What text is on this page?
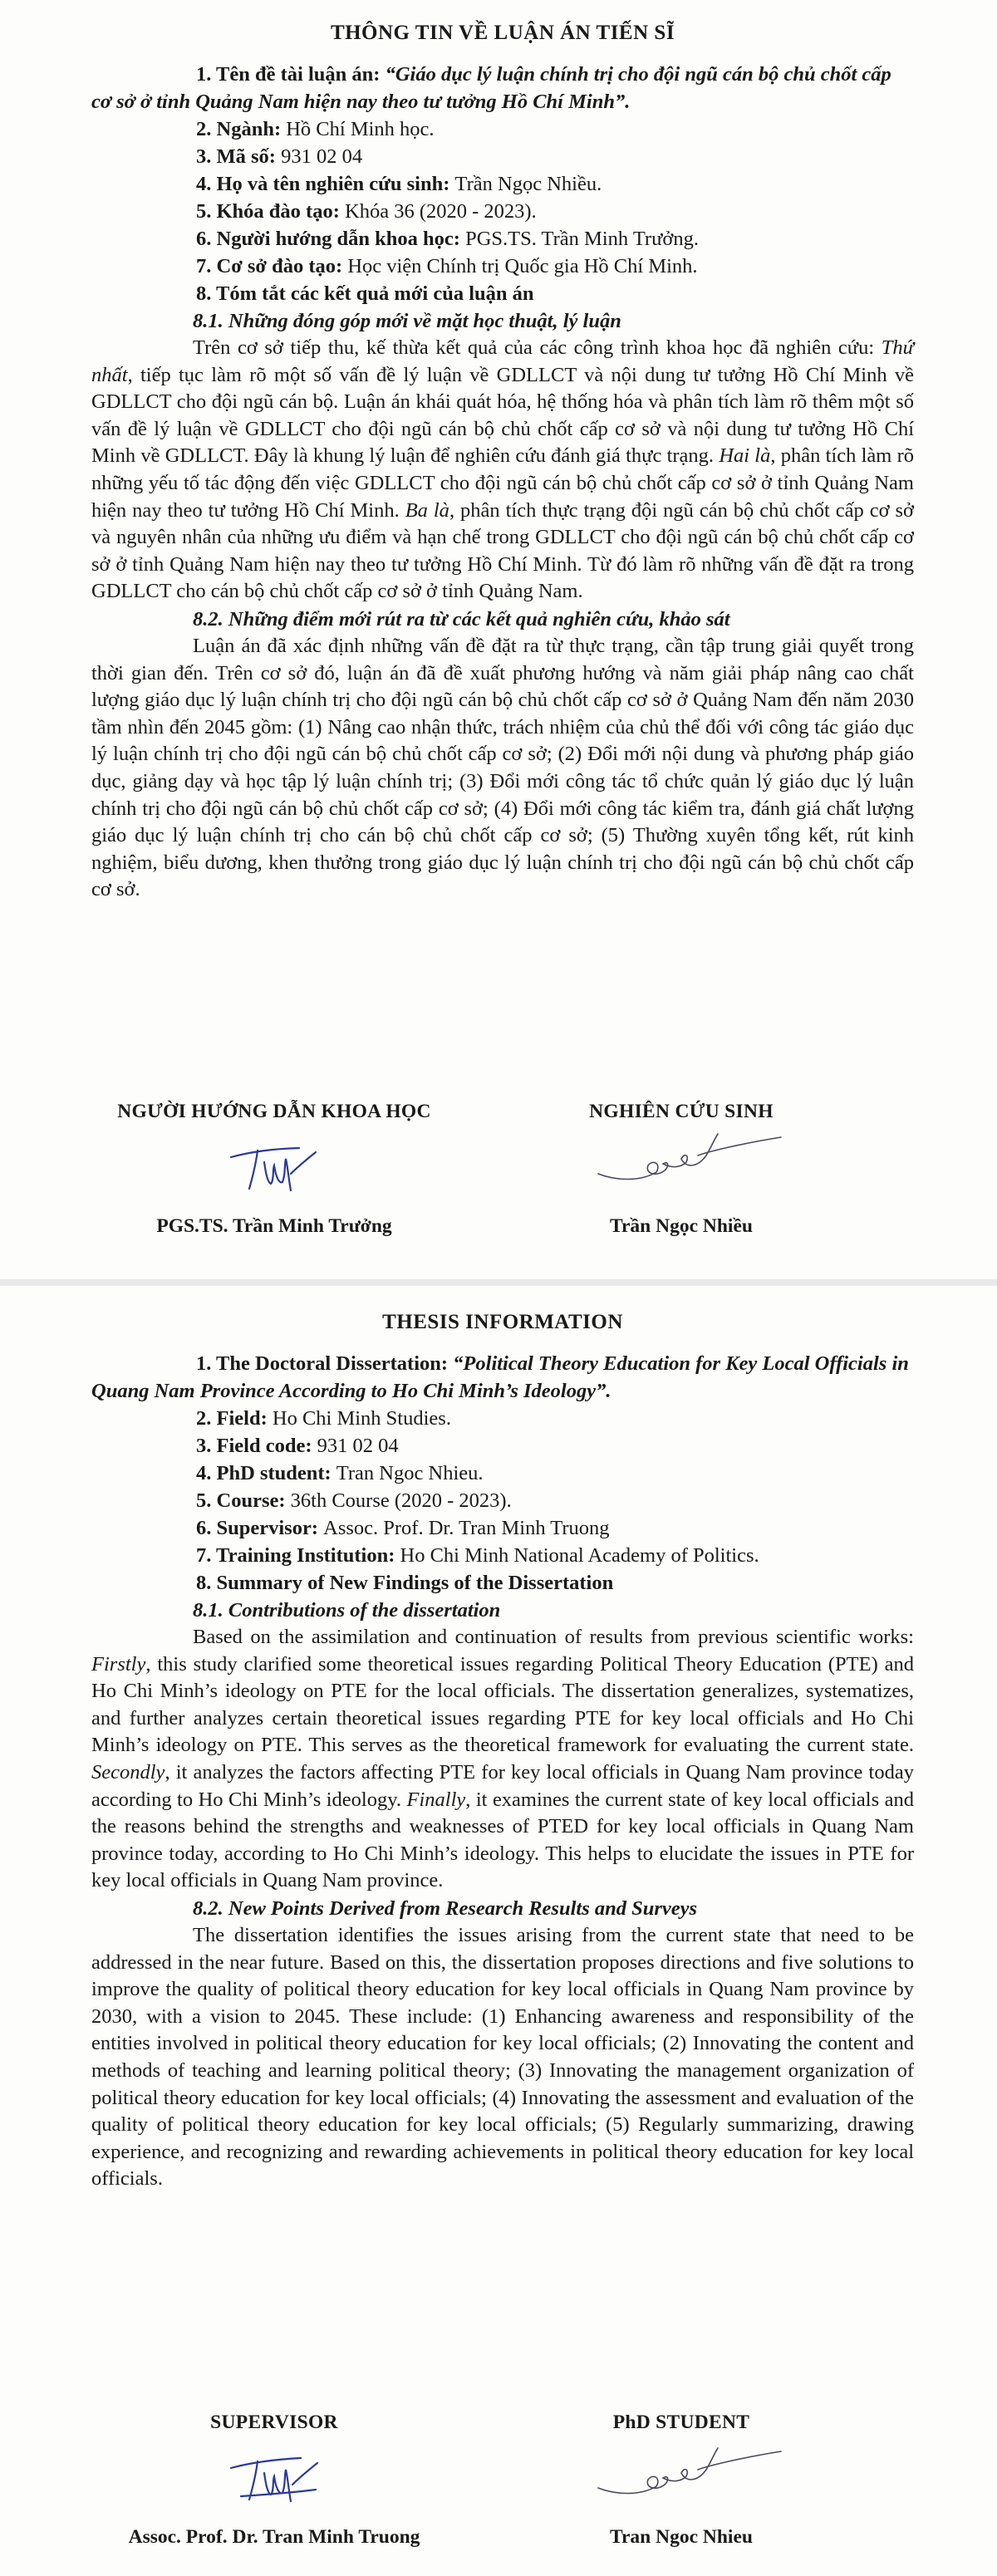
THÔNG TIN VỀ LUẬN ÁN TIẾN SĨ

1. Tên đề tài luận án: “Giáo dục lý luận chính trị cho đội ngũ cán bộ chủ chốt cấp cơ sở ở tỉnh Quảng Nam hiện nay theo tư tưởng Hồ Chí Minh”.

2. Ngành: Hồ Chí Minh học.

3. Mã số: 931 02 04

4. Họ và tên nghiên cứu sinh: Trần Ngọc Nhiều.

5. Khóa đào tạo: Khóa 36 (2020 - 2023).

6. Người hướng dẫn khoa học: PGS.TS. Trần Minh Trưởng.

7. Cơ sở đào tạo: Học viện Chính trị Quốc gia Hồ Chí Minh.

8. Tóm tắt các kết quả mới của luận án

8.1. Những đóng góp mới về mặt học thuật, lý luận

Trên cơ sở tiếp thu, kế thừa kết quả của các công trình khoa học đã nghiên cứu: Thứ nhất, tiếp tục làm rõ một số vấn đề lý luận về GDLLCT và nội dung tư tưởng Hồ Chí Minh về GDLLCT cho đội ngũ cán bộ. Luận án khái quát hóa, hệ thống hóa và phân tích làm rõ thêm một số vấn đề lý luận về GDLLCT cho đội ngũ cán bộ chủ chốt cấp cơ sở và nội dung tư tưởng Hồ Chí Minh về GDLLCT. Đây là khung lý luận để nghiên cứu đánh giá thực trạng. Hai là, phân tích làm rõ những yếu tố tác động đến việc GDLLCT cho đội ngũ cán bộ chủ chốt cấp cơ sở ở tỉnh Quảng Nam hiện nay theo tư tưởng Hồ Chí Minh. Ba là, phân tích thực trạng đội ngũ cán bộ chủ chốt cấp cơ sở và nguyên nhân của những ưu điểm và hạn chế trong GDLLCT cho đội ngũ cán bộ chủ chốt cấp cơ sở ở tỉnh Quảng Nam hiện nay theo tư tưởng Hồ Chí Minh. Từ đó làm rõ những vấn đề đặt ra trong GDLLCT cho cán bộ chủ chốt cấp cơ sở ở tỉnh Quảng Nam.

8.2. Những điểm mới rút ra từ các kết quả nghiên cứu, khảo sát

Luận án đã xác định những vấn đề đặt ra từ thực trạng, cần tập trung giải quyết trong thời gian đến. Trên cơ sở đó, luận án đã đề xuất phương hướng và năm giải pháp nâng cao chất lượng giáo dục lý luận chính trị cho đội ngũ cán bộ chủ chốt cấp cơ sở ở Quảng Nam đến năm 2030 tầm nhìn đến 2045 gồm: (1) Nâng cao nhận thức, trách nhiệm của chủ thể đối với công tác giáo dục lý luận chính trị cho đội ngũ cán bộ chủ chốt cấp cơ sở; (2) Đổi mới nội dung và phương pháp giáo dục, giảng dạy và học tập lý luận chính trị; (3) Đổi mới công tác tổ chức quản lý giáo dục lý luận chính trị cho đội ngũ cán bộ chủ chốt cấp cơ sở; (4) Đổi mới công tác kiểm tra, đánh giá chất lượng giáo dục lý luận chính trị cho cán bộ chủ chốt cấp cơ sở; (5) Thường xuyên tổng kết, rút kinh nghiệm, biểu dương, khen thưởng trong giáo dục lý luận chính trị cho đội ngũ cán bộ chủ chốt cấp cơ sở.

NGƯỜI HƯỚNG DẪN KHOA HỌC
PGS.TS. Trần Minh Trưởng
NGHIÊN CỨU SINH
Trần Ngọc Nhiều
THESIS INFORMATION

1. The Doctoral Dissertation: “Political Theory Education for Key Local Officials in Quang Nam Province According to Ho Chi Minh’s Ideology”.

2. Field: Ho Chi Minh Studies.

3. Field code: 931 02 04

4. PhD student: Tran Ngoc Nhieu.

5. Course: 36th Course (2020 - 2023).

6. Supervisor: Assoc. Prof. Dr. Tran Minh Truong

7. Training Institution: Ho Chi Minh National Academy of Politics.

8. Summary of New Findings of the Dissertation

8.1. Contributions of the dissertation

Based on the assimilation and continuation of results from previous scientific works: Firstly, this study clarified some theoretical issues regarding Political Theory Education (PTE) and Ho Chi Minh’s ideology on PTE for the local officials. The dissertation generalizes, systematizes, and further analyzes certain theoretical issues regarding PTE for key local officials and Ho Chi Minh’s ideology on PTE. This serves as the theoretical framework for evaluating the current state. Secondly, it analyzes the factors affecting PTE for key local officials in Quang Nam province today according to Ho Chi Minh’s ideology. Finally, it examines the current state of key local officials and the reasons behind the strengths and weaknesses of PTED for key local officials in Quang Nam province today, according to Ho Chi Minh’s ideology. This helps to elucidate the issues in PTE for key local officials in Quang Nam province.

8.2. New Points Derived from Research Results and Surveys

The dissertation identifies the issues arising from the current state that need to be addressed in the near future. Based on this, the dissertation proposes directions and five solutions to improve the quality of political theory education for key local officials in Quang Nam province by 2030, with a vision to 2045. These include: (1) Enhancing awareness and responsibility of the entities involved in political theory education for key local officials; (2) Innovating the content and methods of teaching and learning political theory; (3) Innovating the management organization of political theory education for key local officials; (4) Innovating the assessment and evaluation of the quality of political theory education for key local officials; (5) Regularly summarizing, drawing experience, and recognizing and rewarding achievements in political theory education for key local officials.

SUPERVISOR
Assoc. Prof. Dr. Tran Minh Truong
PhD STUDENT
Tran Ngoc Nhieu
